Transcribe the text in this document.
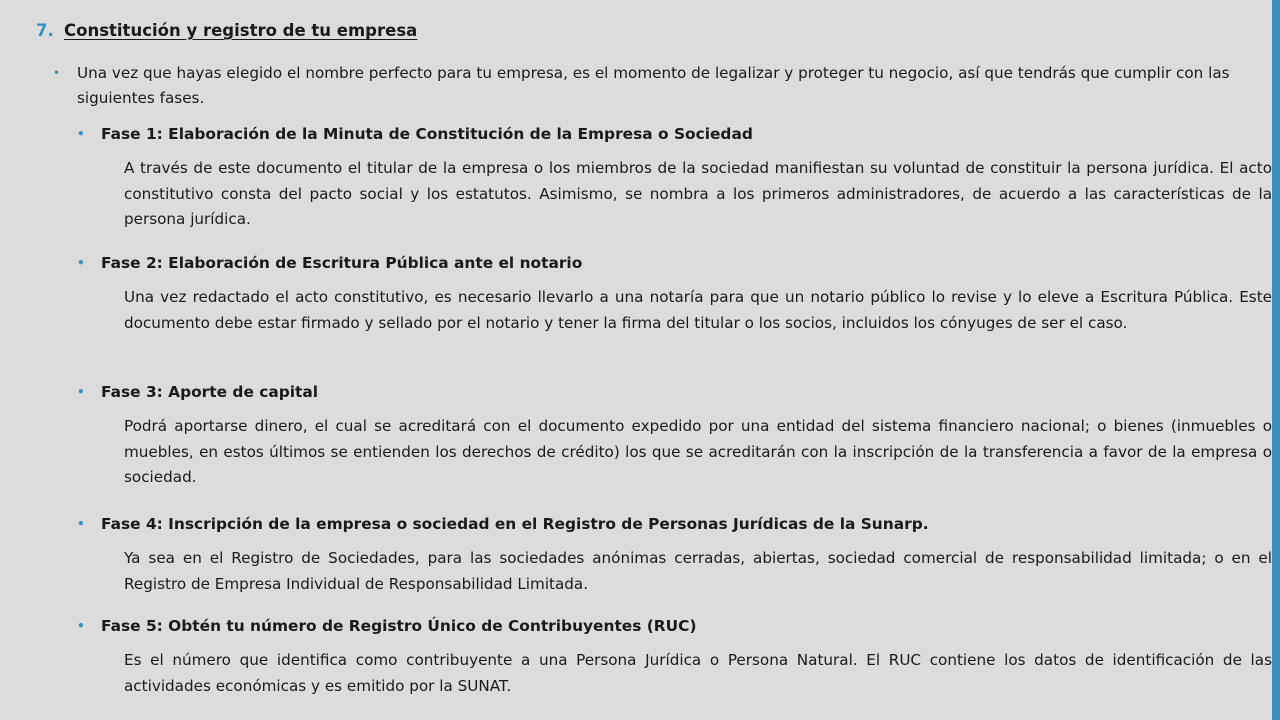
7. Constitución y registro de tu empresa
•	Una vez que hayas elegido el nombre perfecto para tu empresa, es el momento de legalizar y proteger tu negocio, así que tendrás que cumplir con las siguientes fases.
•	Fase 1: Elaboración de la Minuta de Constitución de la Empresa o Sociedad
A través de este documento el titular de la empresa o los miembros de la sociedad manifiestan su voluntad de constituir la persona jurídica. El acto constitutivo consta del pacto social y los estatutos. Asimismo, se nombra a los primeros administradores, de acuerdo a las características de la persona jurídica.
•	Fase 2: Elaboración de Escritura Pública ante el notario
Una vez redactado el acto constitutivo, es necesario llevarlo a una notaría para que un notario público lo revise y lo eleve a Escritura Pública. Este documento debe estar firmado y sellado por el notario y tener la firma del titular o los socios, incluidos los cónyuges de ser el caso.
•	Fase 3: Aporte de capital
Podrá aportarse dinero, el cual se acreditará con el documento expedido por una entidad del sistema financiero nacional; o bienes (inmuebles o muebles, en estos últimos se entienden los derechos de crédito) los que se acreditarán con la inscripción de la transferencia a favor de la empresa o sociedad.
•	Fase 4: Inscripción de la empresa o sociedad en el Registro de Personas Jurídicas de la Sunarp.
Ya sea en el Registro de Sociedades, para las sociedades anónimas cerradas, abiertas, sociedad comercial de responsabilidad limitada; o en el Registro de Empresa Individual de Responsabilidad Limitada.
•	Fase 5: Obtén tu número de Registro Único de Contribuyentes (RUC)
Es el número que identifica como contribuyente a una Persona Jurídica o Persona Natural. El RUC contiene los datos de identificación de las actividades económicas y es emitido por la SUNAT.
